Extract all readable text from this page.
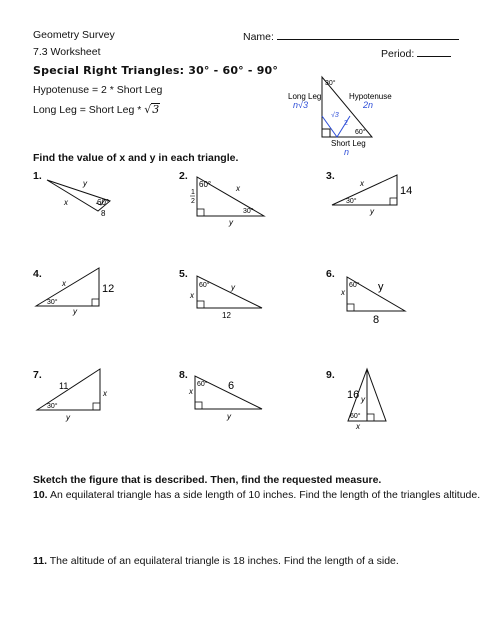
Geometry Survey	Name:
7.3 Worksheet	Period:
Special Right Triangles: 30° - 60° - 90°
Hypotenuse = 2 * Short Leg
Long Leg = Short Leg * √3
30°
Long Leg
n√3
Hypotenuse
2n
√3
2
60°
Short Leg
n
Find the value of x and y in each triangle.
1.	2.	3.
4.	5.	6.
7.	8.	9.
y
x	60°
8
60°	x
1
2
30°
y
x
14
30°
y
x	12
30°
y
60°	y
x
12
60° y
x
8
11
x
30°
y
60° 6
x
y
16 y
60°
x
Sketch the figure that is described. Then, find the requested measure.
10. An equilateral triangle has a side length of 10 inches. Find the length of the triangles altitude.
11. The altitude of an equilateral triangle is 18 inches. Find the length of a side.
